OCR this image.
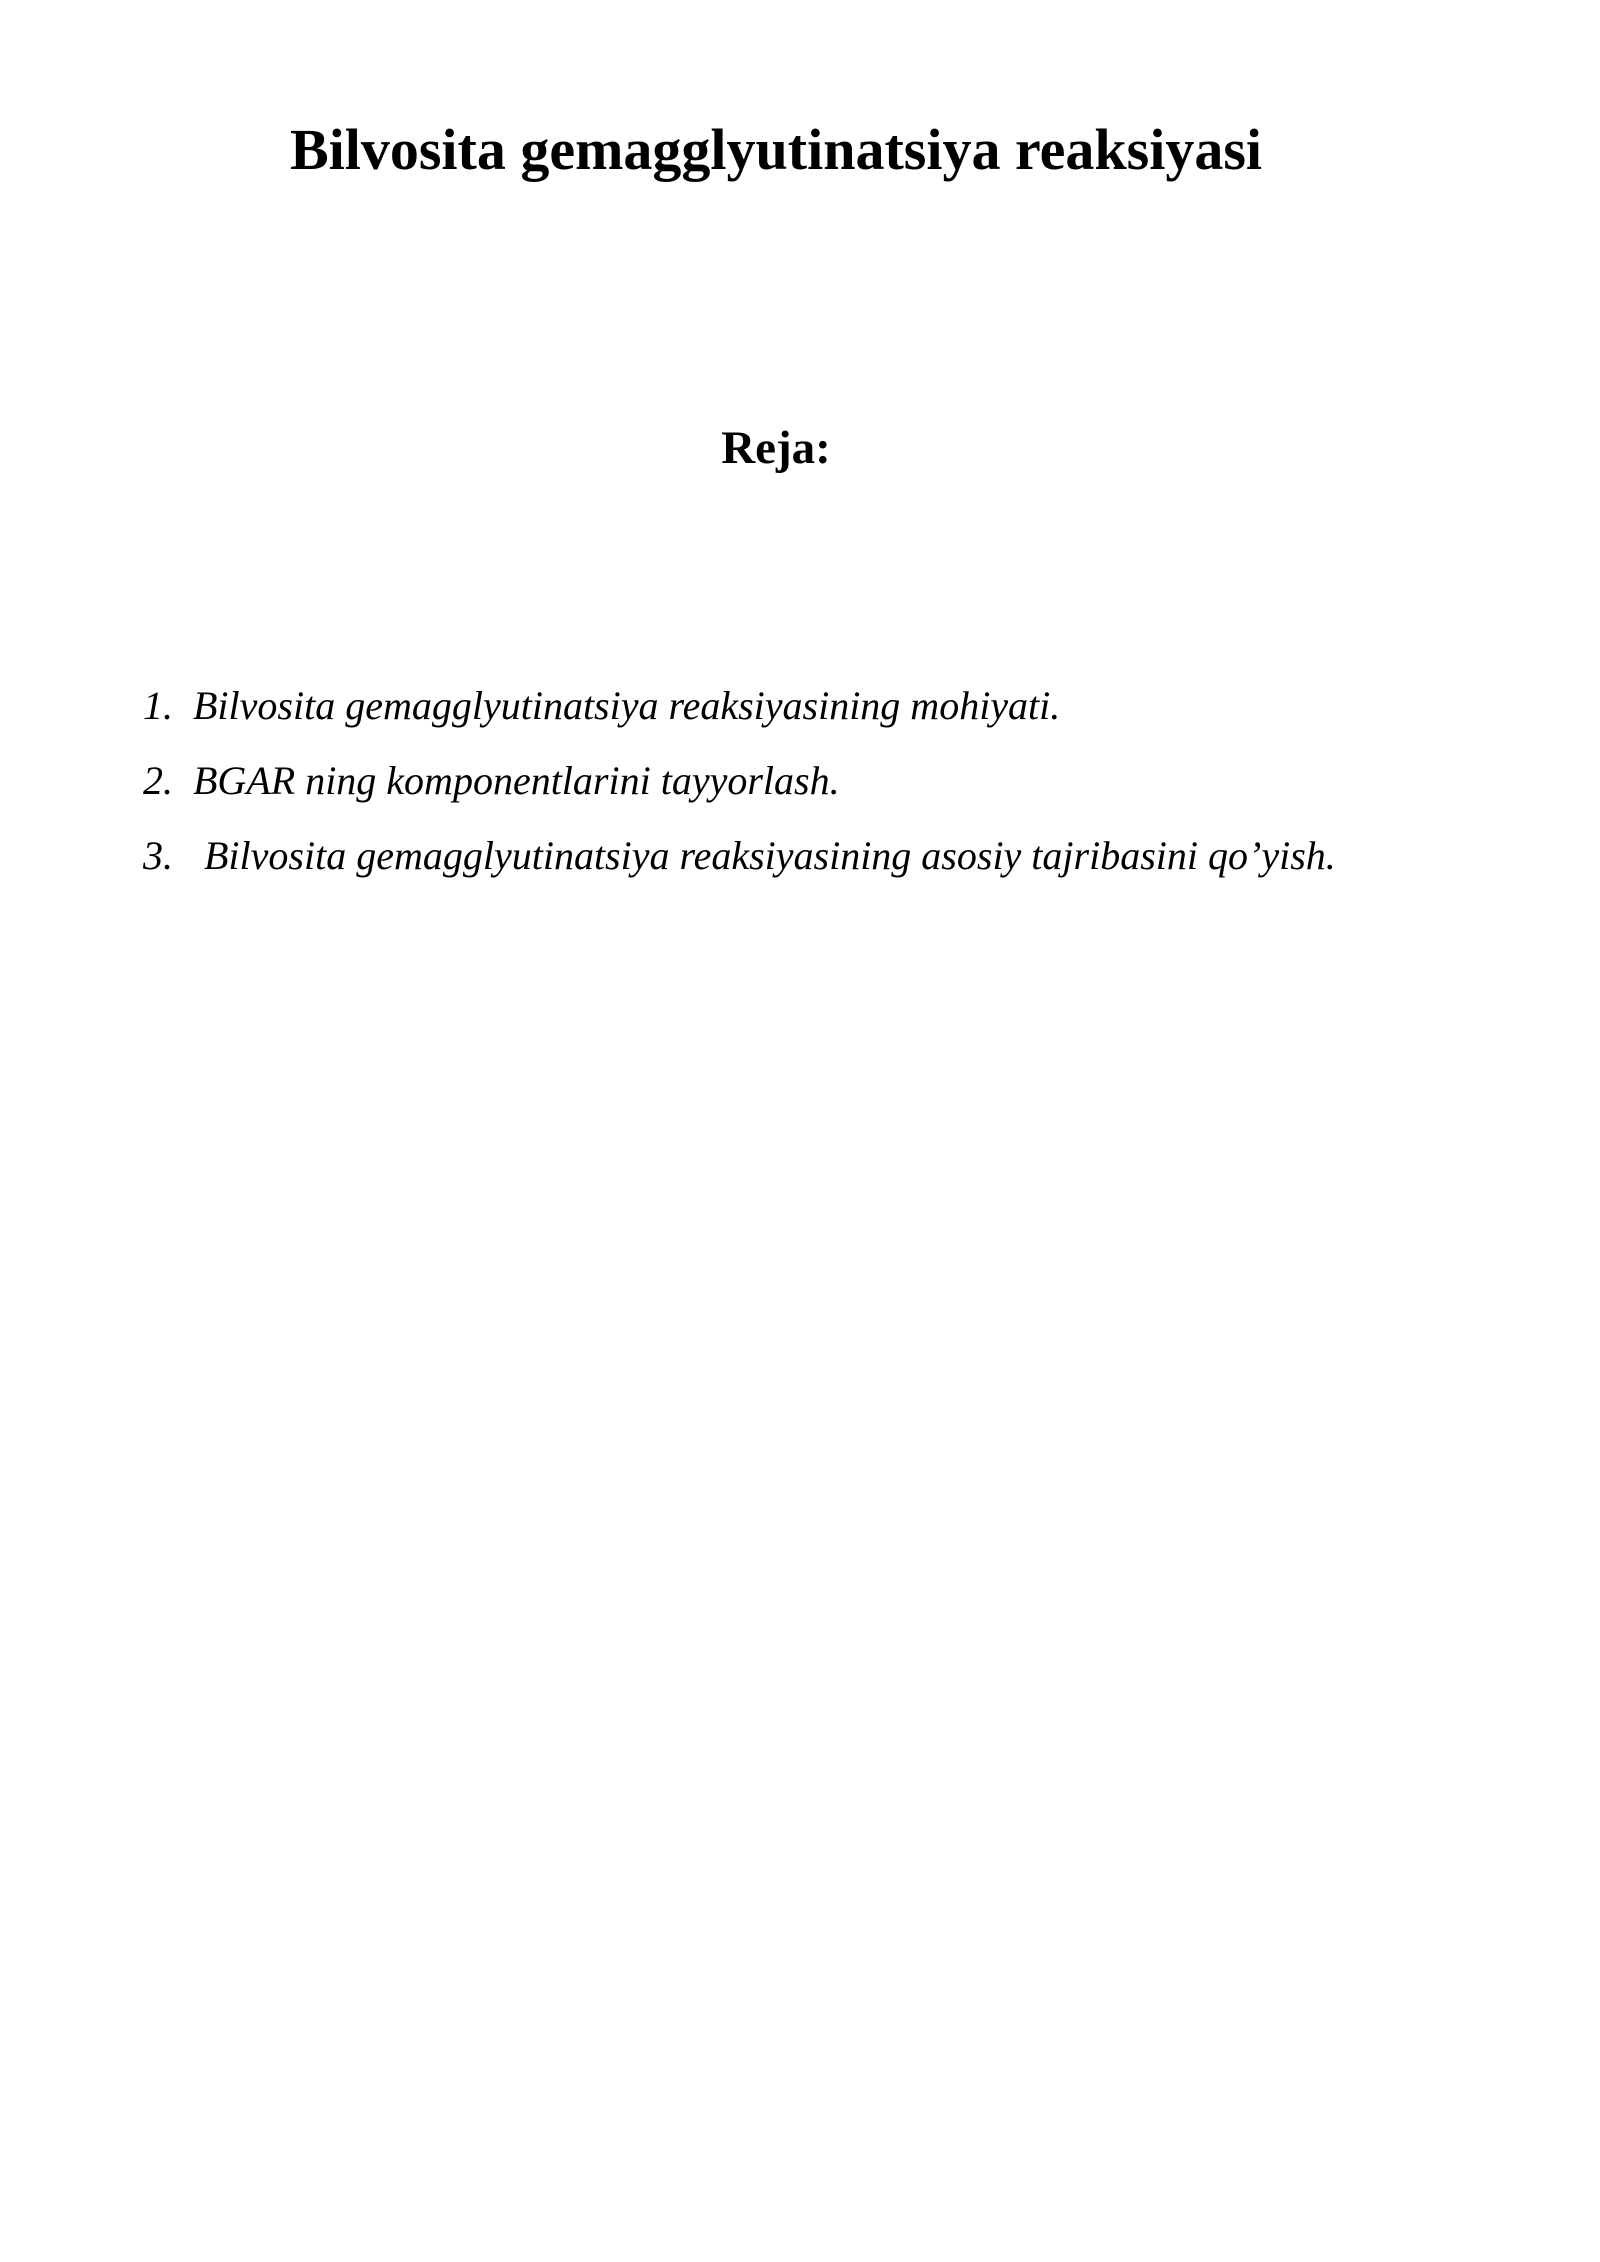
Bilvosita gemagglyutinatsiya reaksiyasi
Reja:
1. Bilvosita gemagglyutinatsiya reaksiyasining mohiyati.
2. BGAR ning komponentlarini tayyorlash.
3. Bilvosita gemagglyutinatsiya reaksiyasining asosiy tajribasini qo’yish.
